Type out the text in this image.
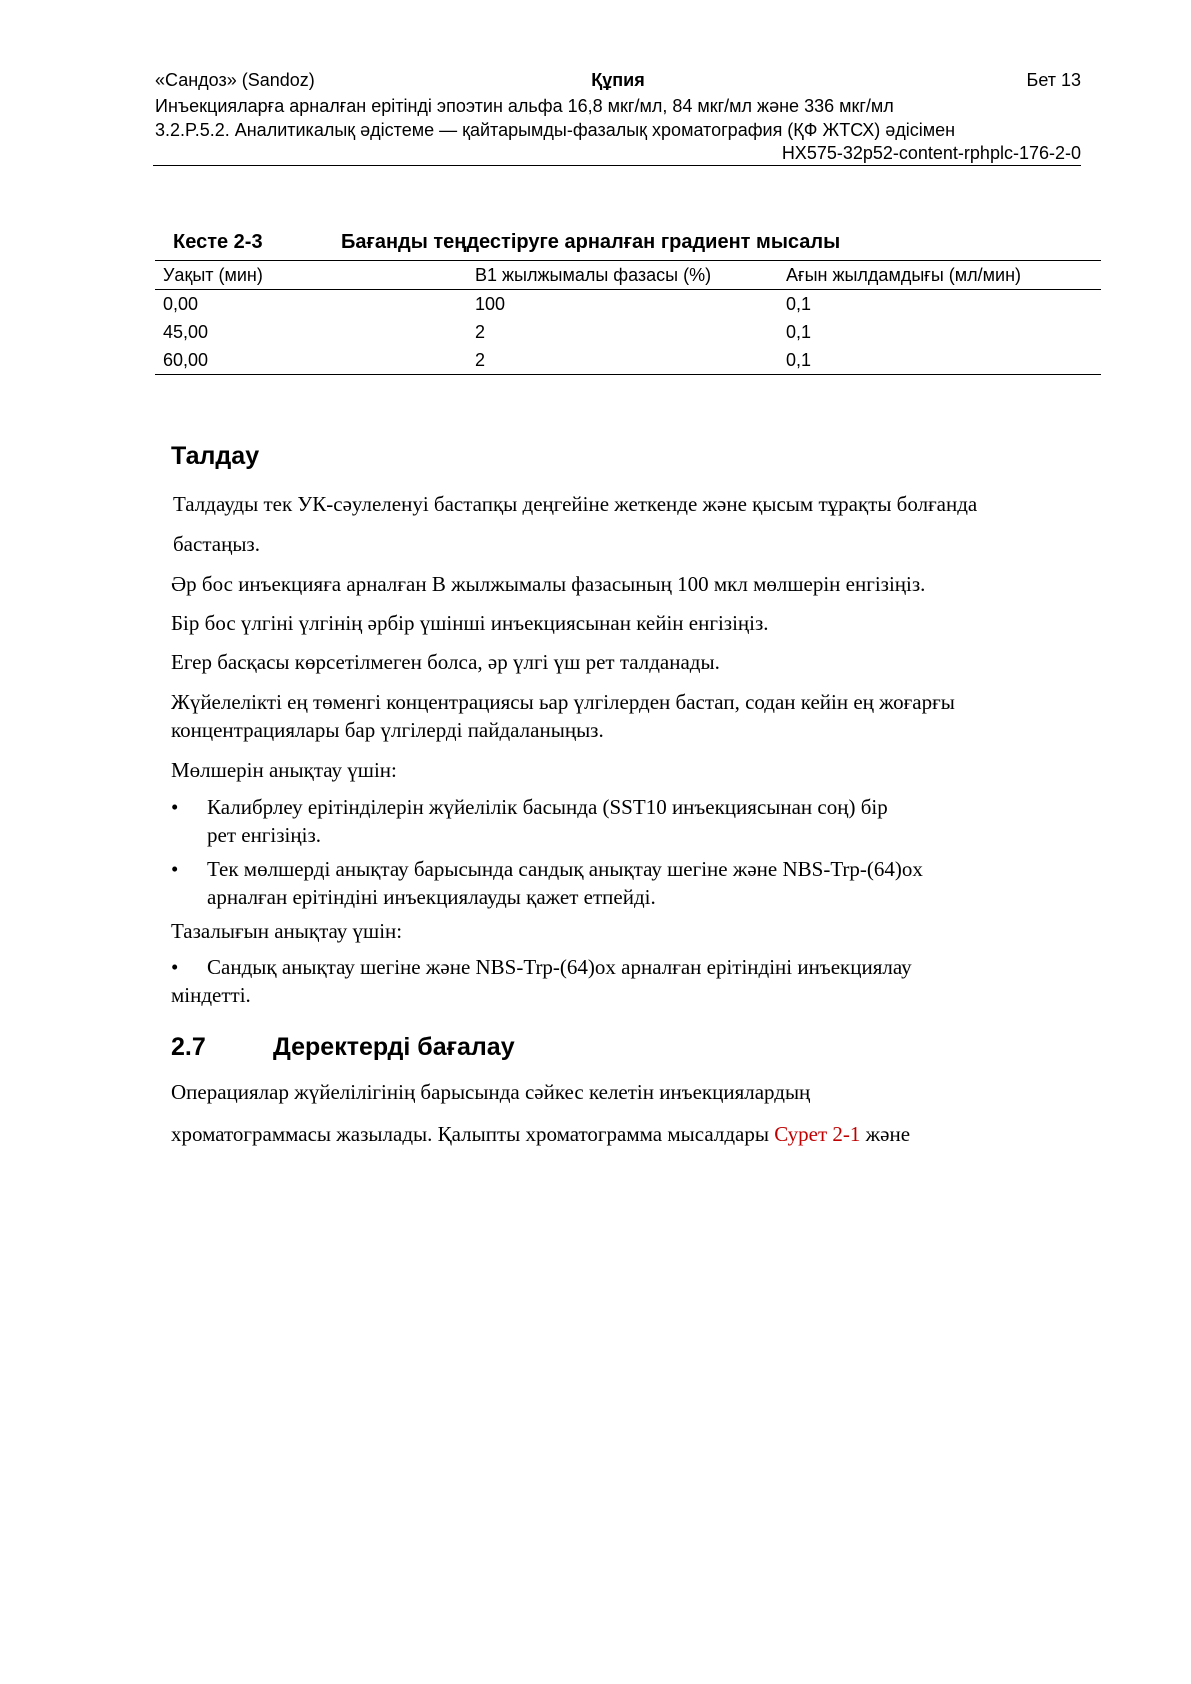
«Сандоз» (Sandoz)	Құпия	Бет 13
Инъекцияларға арналған ерітінді эпоэтин альфа 16,8 мкг/мл, 84 мкг/мл және 336 мкг/мл
3.2.P.5.2. Аналитикалық әдістеме — қайтарымды-фазалық хроматография (ҚФ ЖТСХ) әдісімен
HX575-32p52-content-rphplc-176-2-0
Кесте 2-3	Бағанды теңдестіруге арналған градиент мысалы
Уақыт (мин)	B1 жылжымалы фазасы (%)	Ағын жылдамдығы (мл/мин)
0,00	100	0,1
45,00	2	0,1
60,00	2	0,1
Талдау
Талдауды тек УК-сәулеленуі бастапқы деңгейіне жеткенде және қысым тұрақты болғанда
бастаңыз.
Әр бос инъекцияға арналған B жылжымалы фазасының 100 мкл мөлшерін енгізіңіз.
Бір бос үлгіні үлгінің әрбір үшінші инъекциясынан кейін енгізіңіз.
Егер басқасы көрсетілмеген болса, әр үлгі үш рет талданады.
Жүйелелікті ең төменгі концентрациясы ьар үлгілерден бастап, содан кейін ең жоғарғы
концентрациялары бар үлгілерді пайдаланыңыз.
Мөлшерін анықтау үшін:
•	Калибрлеу ерітінділерін жүйелілік басында (SST10 инъекциясынан соң) бір
рет енгізіңіз.
•	Тек мөлшерді анықтау барысында сандық анықтау шегіне және NBS-Trp-(64)ox
арналған ерітіндіні инъекциялауды қажет етпейді.
Тазалығын анықтау үшін:
•	Сандық анықтау шегіне және NBS-Trp-(64)ox арналған ерітіндіні инъекциялау
міндетті.
2.7	Деректерді бағалау
Операциялар жүйелілігінің барысында сәйкес келетін инъекциялардың
хроматограммасы жазылады. Қалыпты хроматограмма мысалдары Сурет 2-1 және
